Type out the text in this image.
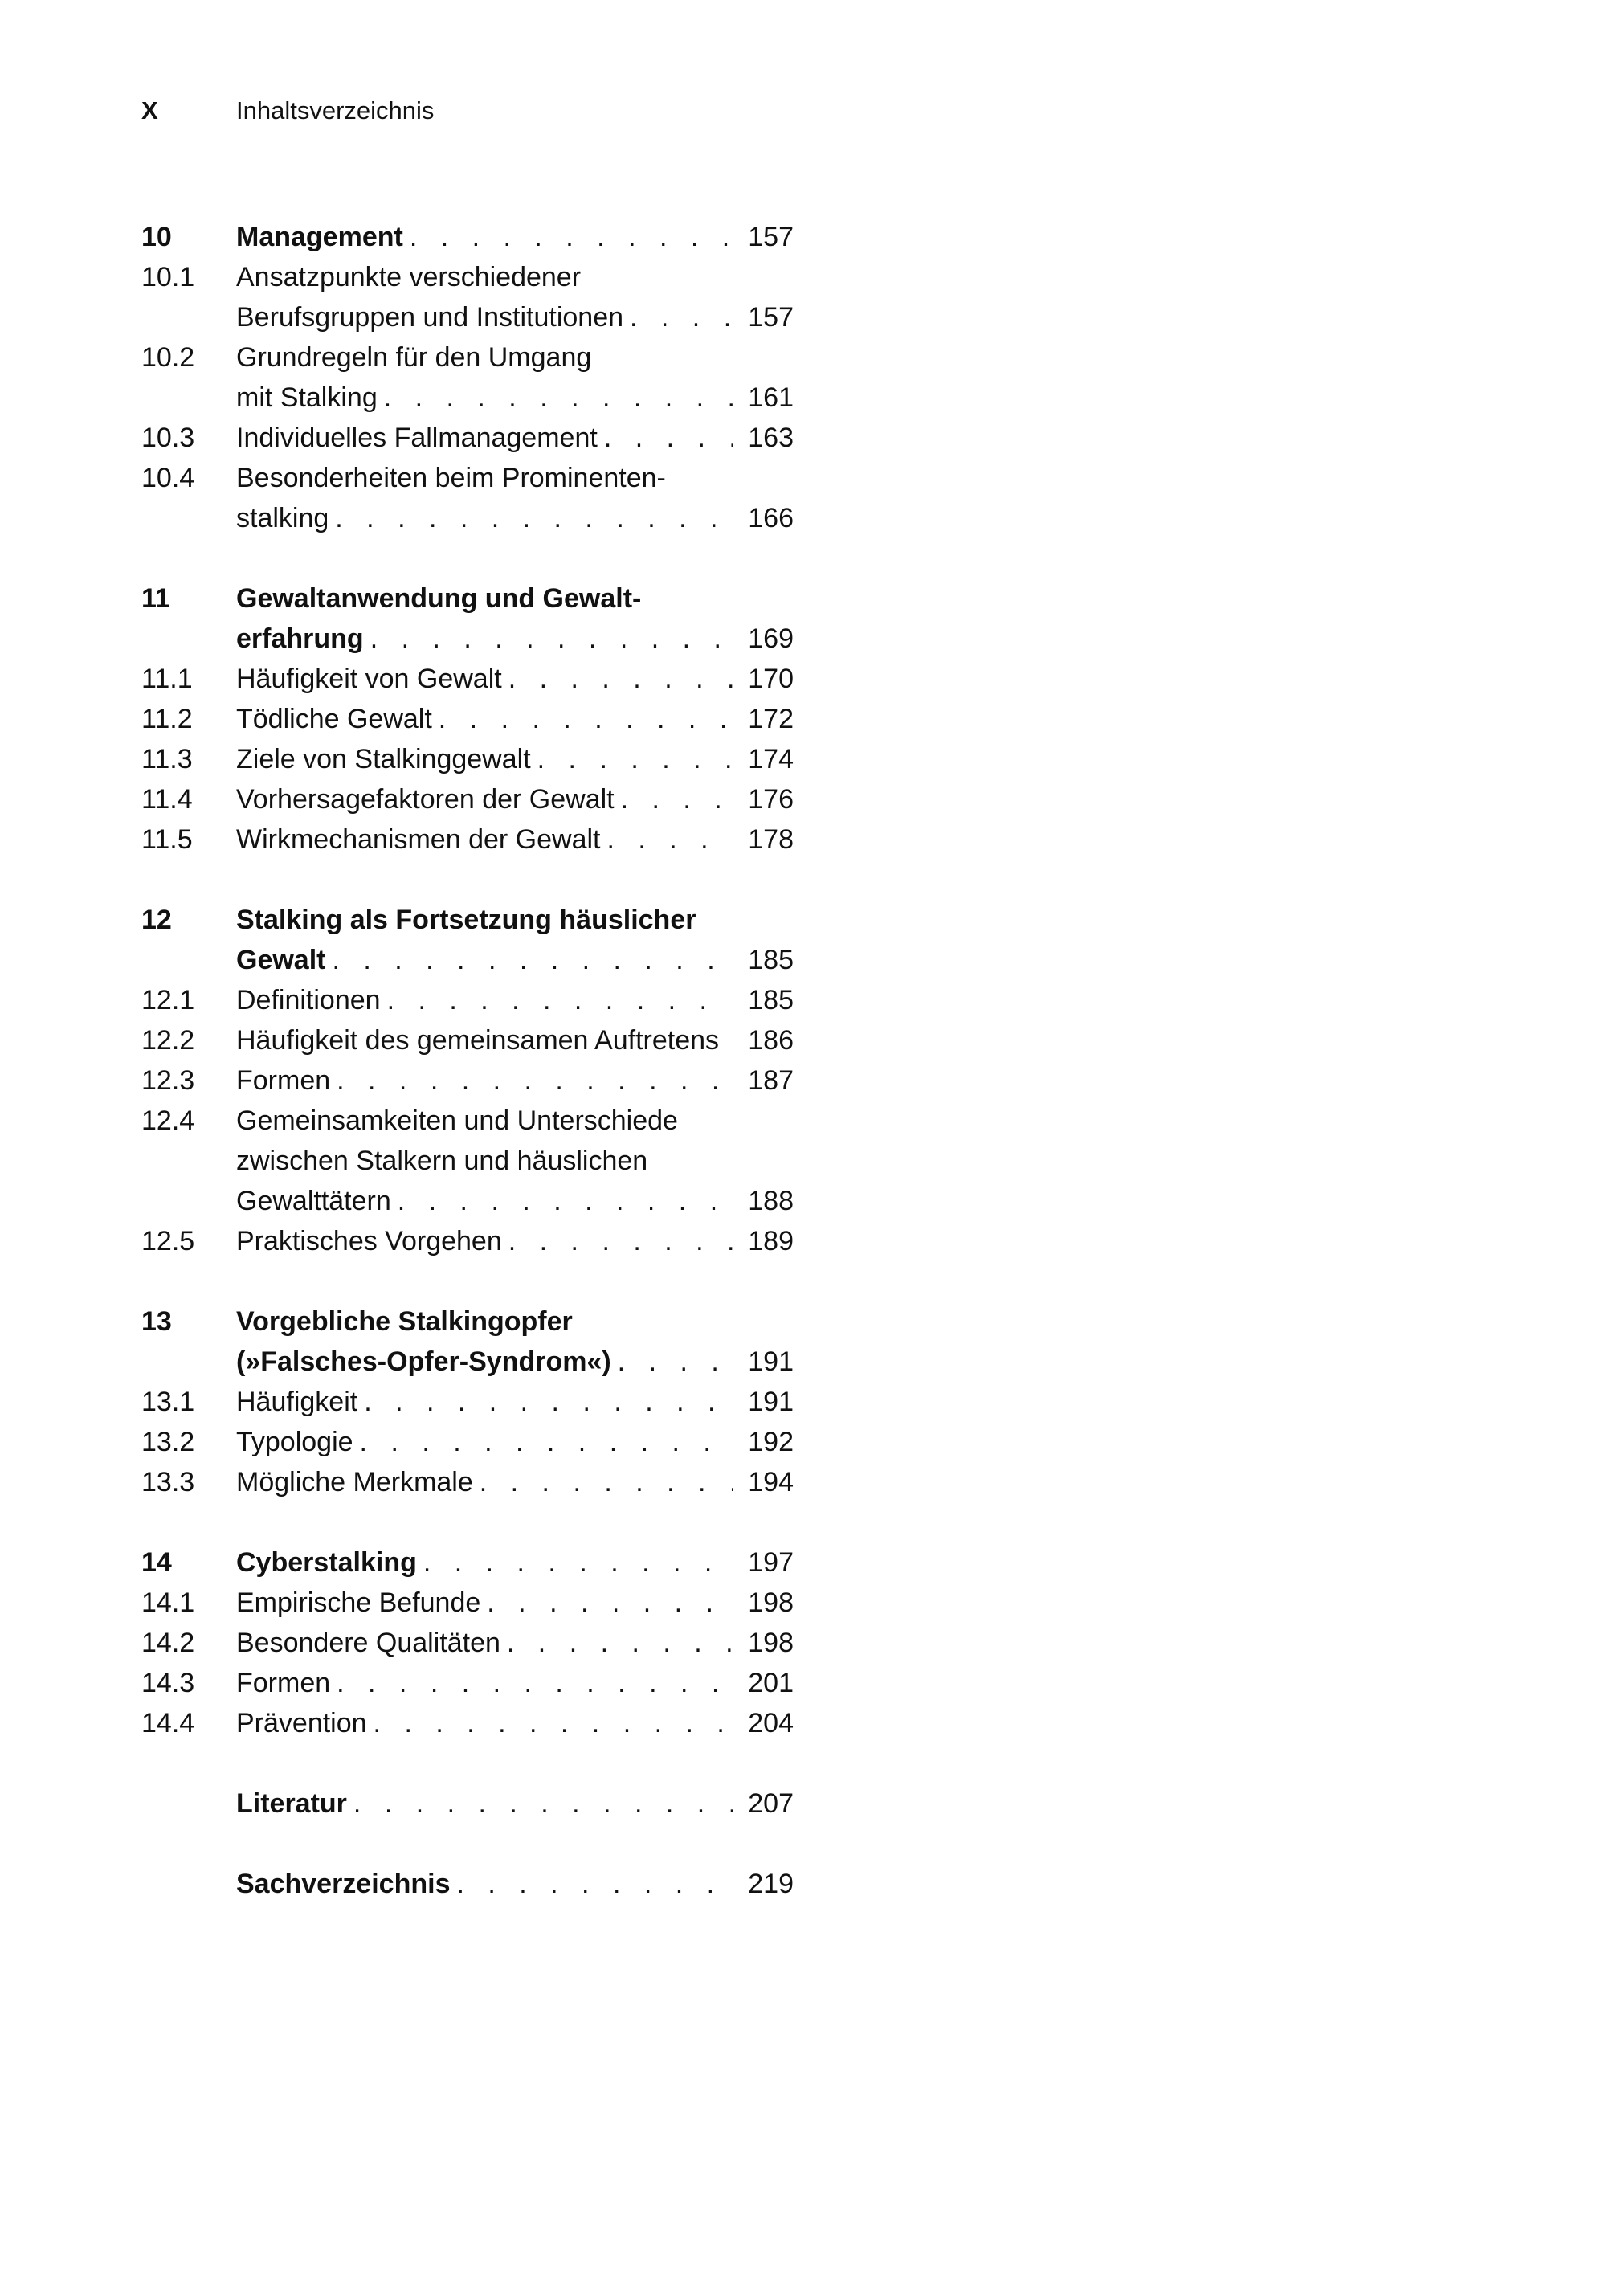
X	Inhaltsverzeichnis
10	Management . . .	157
10.1	Ansatzpunkte verschiedener
Berufsgruppen und Institutionen . . .	157
10.2	Grundregeln für den Umgang
mit Stalking . . .	161
10.3	Individuelles Fallmanagement . . .	163
10.4	Besonderheiten beim Prominenten-
stalking . . .	166
11	Gewaltanwendung und Gewalt-
erfahrung . . .	169
11.1	Häufigkeit von Gewalt . . .	170
11.2	Tödliche Gewalt . . .	172
11.3	Ziele von Stalkinggewalt . . .	174
11.4	Vorhersagefaktoren der Gewalt . . .	176
11.5	Wirkmechanismen der Gewalt . . .	178
12	Stalking als Fortsetzung häuslicher
Gewalt . . .	185
12.1	Definitionen . . .	185
12.2	Häufigkeit des gemeinsamen Auftretens 186
12.3	Formen . . .	187
12.4	Gemeinsamkeiten und Unterschiede
zwischen Stalkern und häuslichen
Gewalttätern . . .	188
12.5	Praktisches Vorgehen . . .	189
13	Vorgebliche Stalkingopfer
(»Falsches-Opfer-Syndrom«) . . .	191
13.1	Häufigkeit . . .	191
13.2	Typologie . . .	192
13.3	Mögliche Merkmale . . .	194
14	Cyberstalking . . .	197
14.1	Empirische Befunde . . .	198
14.2	Besondere Qualitäten . . .	198
14.3	Formen . . .	201
14.4	Prävention . . .	204
Literatur . . .	207
Sachverzeichnis . . .	219
